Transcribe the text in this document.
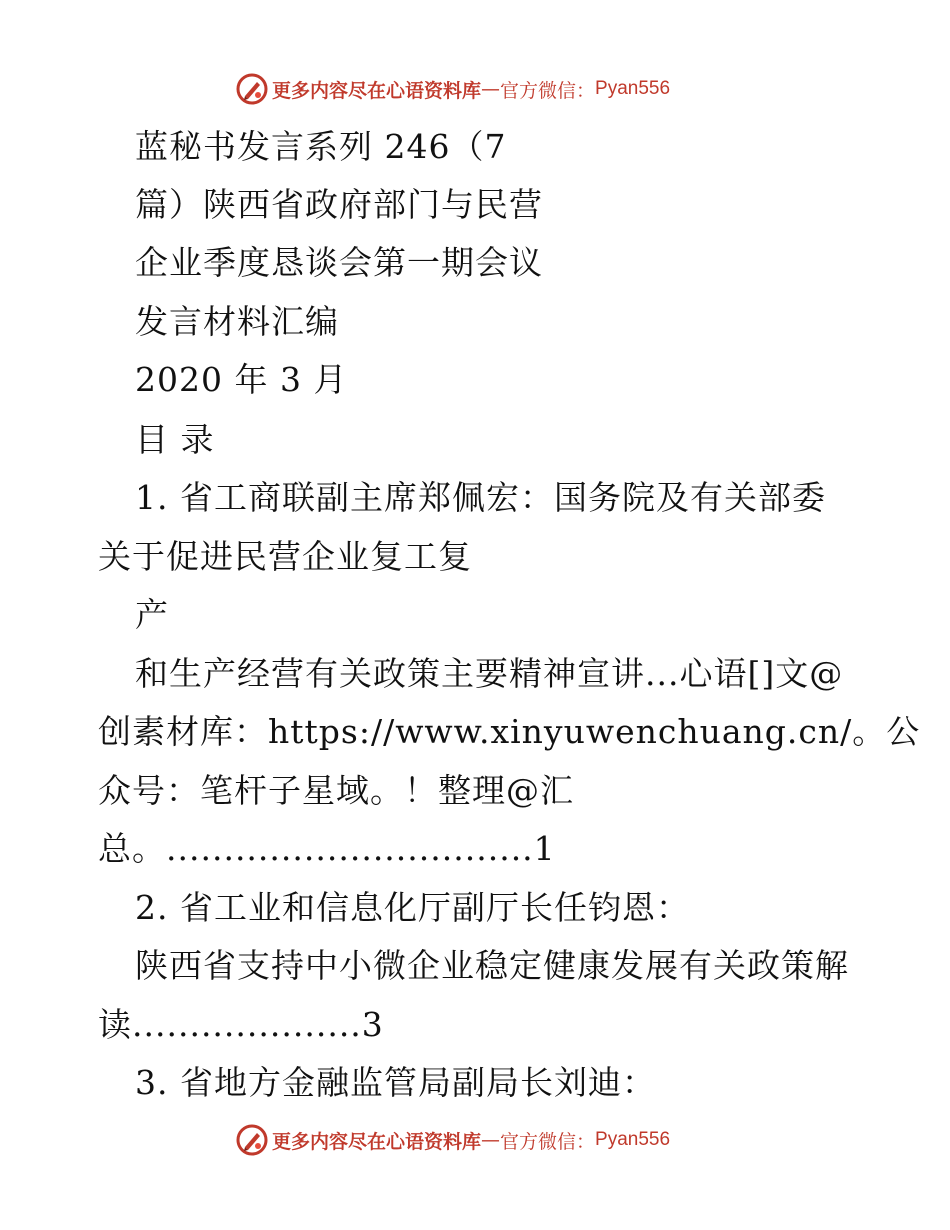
更多内容尽在心语资料库 — 官方微信： Pyan556
蓝秘书发言系列 246（7
篇）陕西省政府部门与民营
企业季度恳谈会第一期会议
发言材料汇编
2020 年 3 月
目 录
1. 省工商联副主席郑佩宏：国务院及有关部委
关于促进民营企业复工复
产
和生产经营有关政策主要精神宣讲...心语[]文@
创素材库：https://www.xinyuwenchuang.cn/。公
众号：笔杆子星域。！整理@汇
总。................................1
2. 省工业和信息化厅副厅长任钧恩：
陕西省支持中小微企业稳定健康发展有关政策解
读....................3
3. 省地方金融监管局副局长刘迪：
更多内容尽在心语资料库 — 官方微信： Pyan556
